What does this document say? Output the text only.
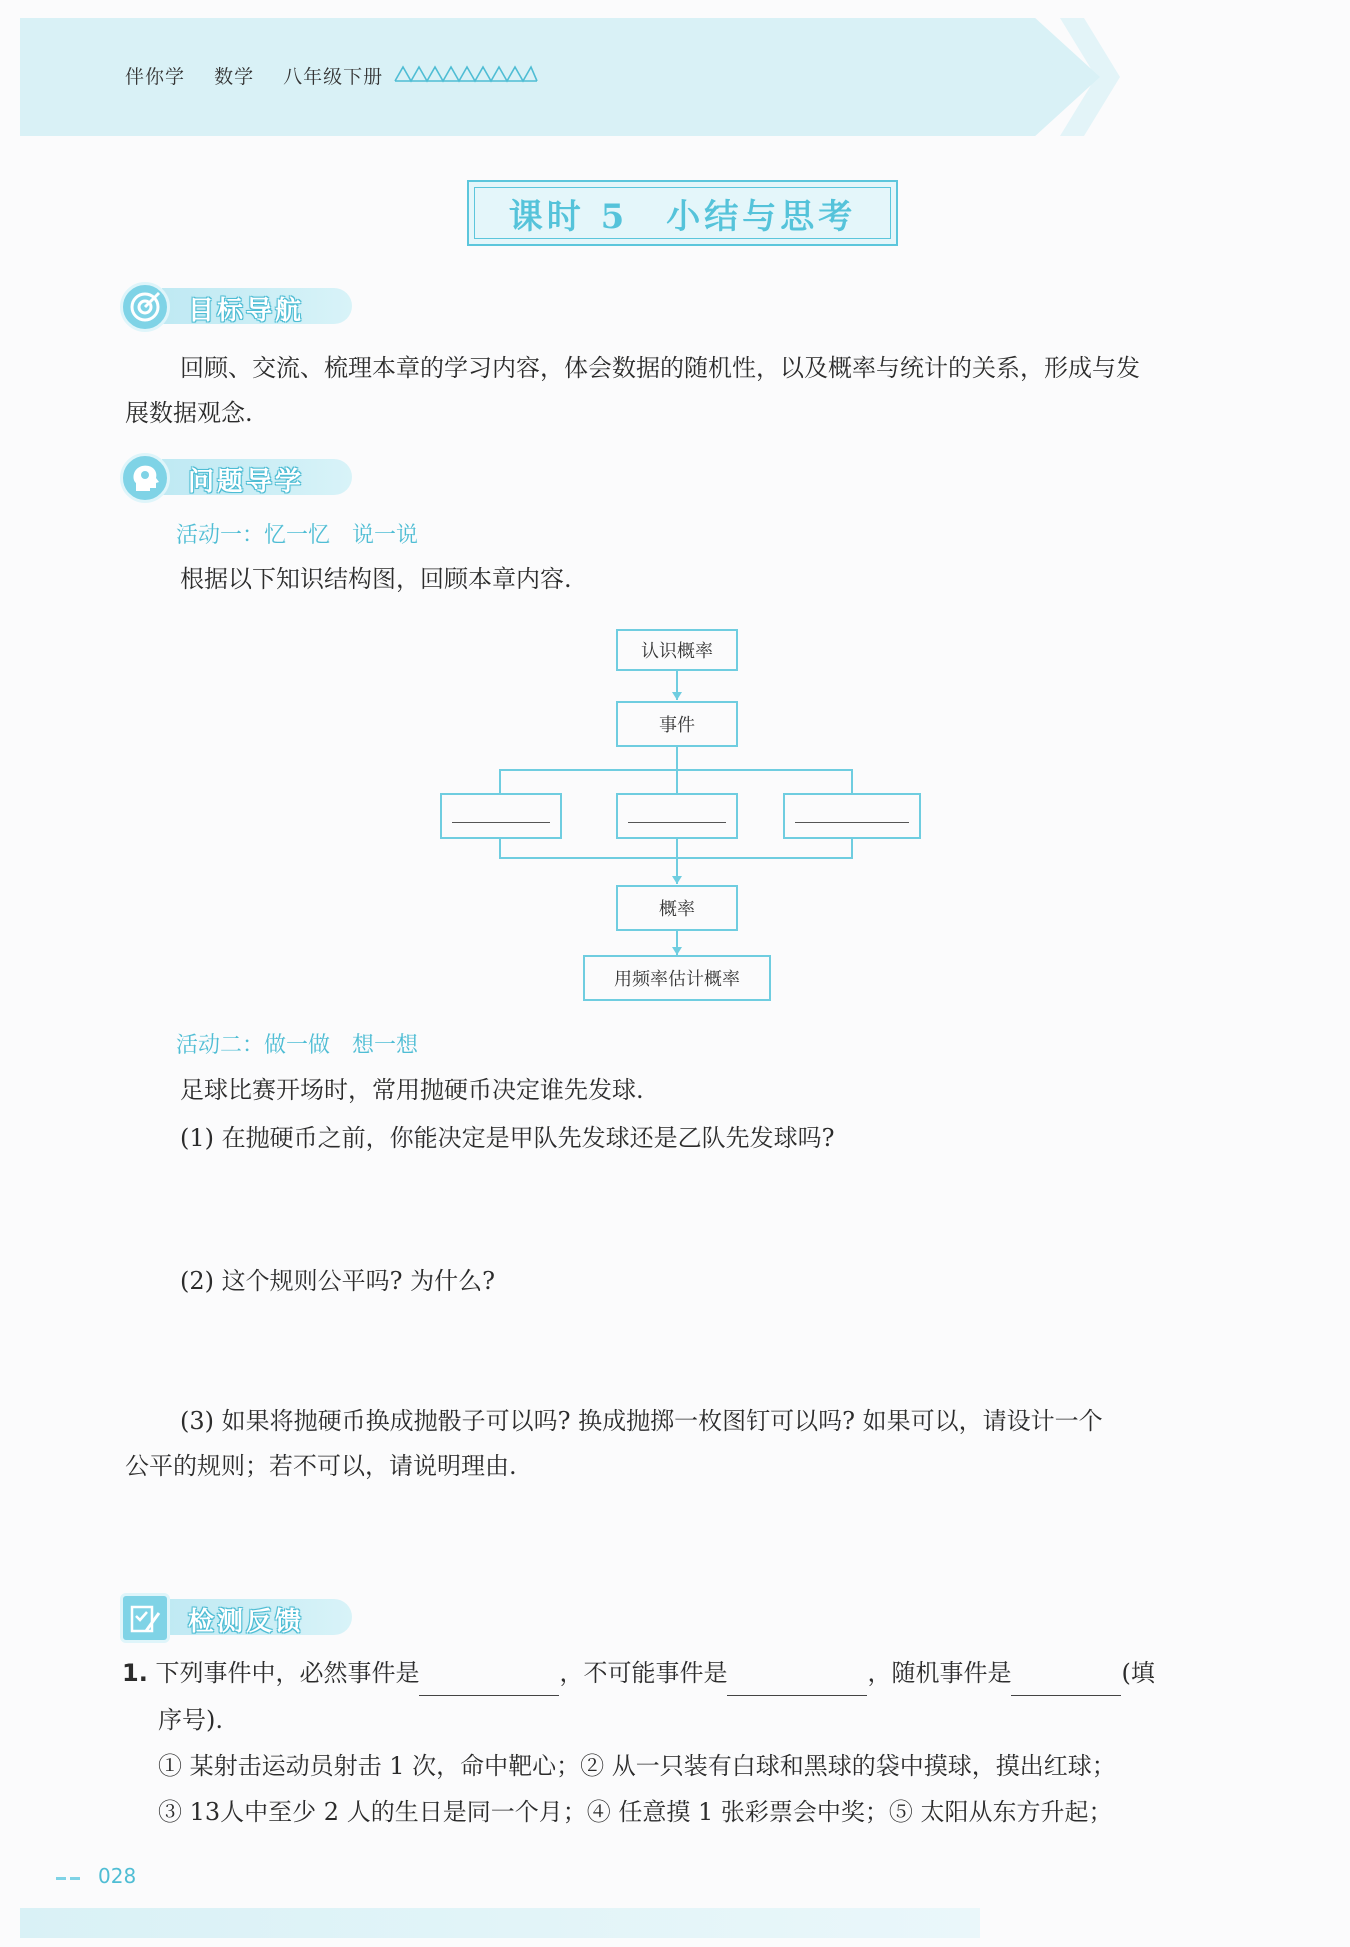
伴你学 数学 八年级下册
课时 5　小结与思考
目标导航
回顾、交流、梳理本章的学习内容，体会数据的随机性，以及概率与统计的关系，形成与发
展数据观念.
问题导学
活动一：忆一忆　说一说
根据以下知识结构图，回顾本章内容.
认识概率
事件
概率
用频率估计概率
活动二：做一做　想一想
足球比赛开场时，常用抛硬币决定谁先发球.
(1) 在抛硬币之前，你能决定是甲队先发球还是乙队先发球吗?
(2) 这个规则公平吗? 为什么?
(3) 如果将抛硬币换成抛骰子可以吗? 换成抛掷一枚图钉可以吗? 如果可以，请设计一个
公平的规则；若不可以，请说明理由.
检测反馈
1. 下列事件中，必然事件是	，不可能事件是	，随机事件是	(填
序号).
① 某射击运动员射击 1 次，命中靶心；② 从一只装有白球和黑球的袋中摸球，摸出红球；
③ 13人中至少 2 人的生日是同一个月；④ 任意摸 1 张彩票会中奖；⑤ 太阳从东方升起；
028
